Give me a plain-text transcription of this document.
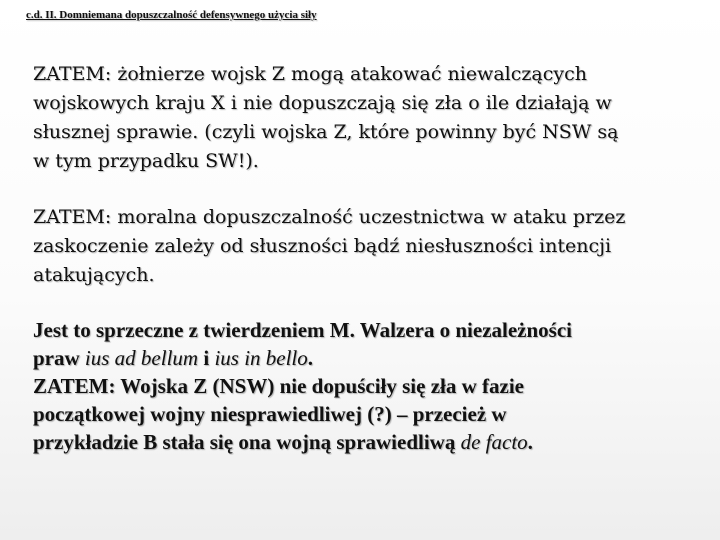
c.d. II. Domniemana dopuszczalność defensywnego użycia siły

ZATEM: żołnierze wojsk Z mogą atakować niewalczących
wojskowych kraju X i nie dopuszczają się zła o ile działają w
słusznej sprawie. (czyli wojska Z, które powinny być NSW są
w tym przypadku SW!).

ZATEM: moralna dopuszczalność uczestnictwa w ataku przez
zaskoczenie zależy od słuszności bądź niesłuszności intencji
atakujących.

Jest to sprzeczne z twierdzeniem M. Walzera o niezależności
praw ius ad bellum i ius in bello.
ZATEM: Wojska Z (NSW) nie dopuściły się zła w fazie
początkowej wojny niesprawiedliwej (?) – przecież w
przykładzie B stała się ona wojną sprawiedliwą de facto.
